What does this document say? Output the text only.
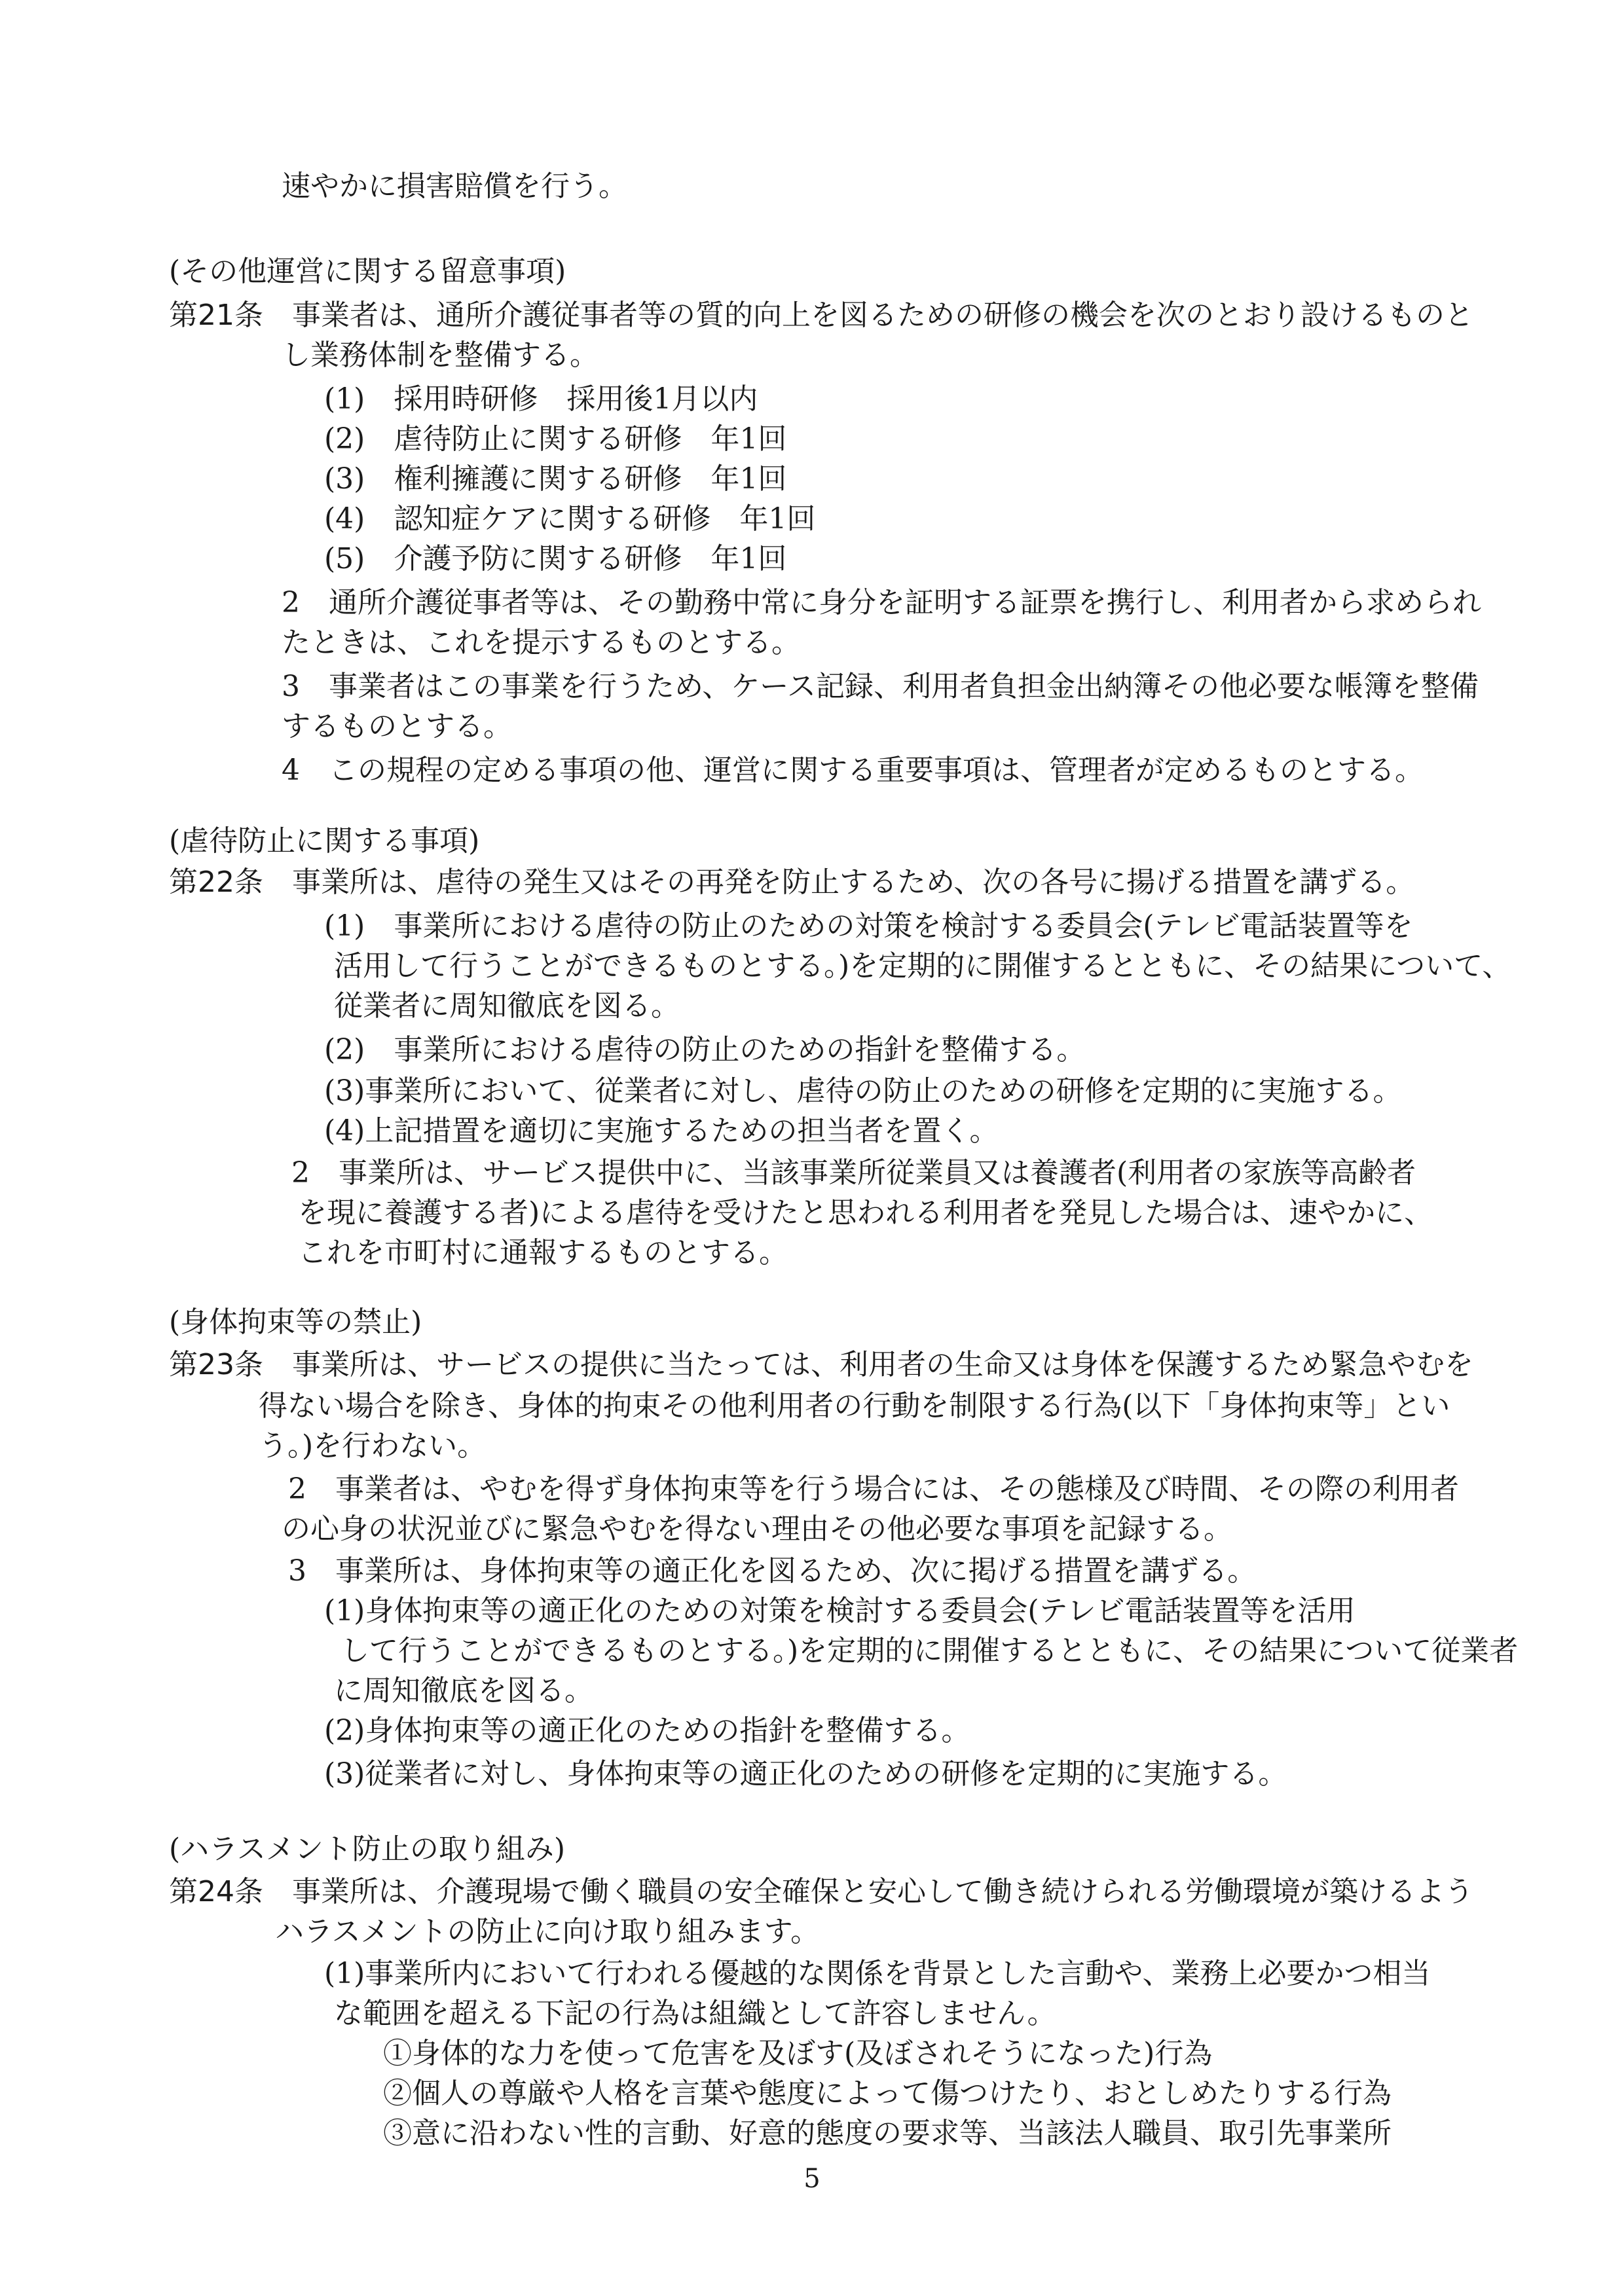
速やかに損害賠償を行う。

(その他運営に関する留意事項)

第21条　事業者は、通所介護従事者等の質的向上を図るための研修の機会を次のとおり設けるものと

し業務体制を整備する。

(1)　採用時研修　採用後1月以内

(2)　虐待防止に関する研修　年1回

(3)　権利擁護に関する研修　年1回

(4)　認知症ケアに関する研修　年1回

(5)　介護予防に関する研修　年1回

2　通所介護従事者等は、その勤務中常に身分を証明する証票を携行し、利用者から求められ

たときは、これを提示するものとする。

3　事業者はこの事業を行うため、ケース記録、利用者負担金出納簿その他必要な帳簿を整備

するものとする。

4　この規程の定める事項の他、運営に関する重要事項は、管理者が定めるものとする。

(虐待防止に関する事項)

第22条　事業所は、虐待の発生又はその再発を防止するため、次の各号に揚げる措置を講ずる。

(1)　事業所における虐待の防止のための対策を検討する委員会(テレビ電話装置等を

活用して行うことができるものとする。)を定期的に開催するとともに、その結果について、

従業者に周知徹底を図る。

(2)　事業所における虐待の防止のための指針を整備する。

(3)事業所において、従業者に対し、虐待の防止のための研修を定期的に実施する。

(4)上記措置を適切に実施するための担当者を置く。

2　事業所は、サービス提供中に、当該事業所従業員又は養護者(利用者の家族等高齢者

を現に養護する者)による虐待を受けたと思われる利用者を発見した場合は、速やかに、

これを市町村に通報するものとする。

(身体拘束等の禁止)

第23条　事業所は、サービスの提供に当たっては、利用者の生命又は身体を保護するため緊急やむを

得ない場合を除き、身体的拘束その他利用者の行動を制限する行為(以下「身体拘束等」とい

う。)を行わない。

2　事業者は、やむを得ず身体拘束等を行う場合には、その態様及び時間、その際の利用者

の心身の状況並びに緊急やむを得ない理由その他必要な事項を記録する。

3　事業所は、身体拘束等の適正化を図るため、次に掲げる措置を講ずる。

(1)身体拘束等の適正化のための対策を検討する委員会(テレビ電話装置等を活用

して行うことができるものとする。)を定期的に開催するとともに、その結果について従業者

に周知徹底を図る。

(2)身体拘束等の適正化のための指針を整備する。

(3)従業者に対し、身体拘束等の適正化のための研修を定期的に実施する。

(ハラスメント防止の取り組み)

第24条　事業所は、介護現場で働く職員の安全確保と安心して働き続けられる労働環境が築けるよう

ハラスメントの防止に向け取り組みます。

(1)事業所内において行われる優越的な関係を背景とした言動や、業務上必要かつ相当

な範囲を超える下記の行為は組織として許容しません。

①身体的な力を使って危害を及ぼす(及ぼされそうになった)行為

②個人の尊厳や人格を言葉や態度によって傷つけたり、おとしめたりする行為

③意に沿わない性的言動、好意的態度の要求等、当該法人職員、取引先事業所

5
